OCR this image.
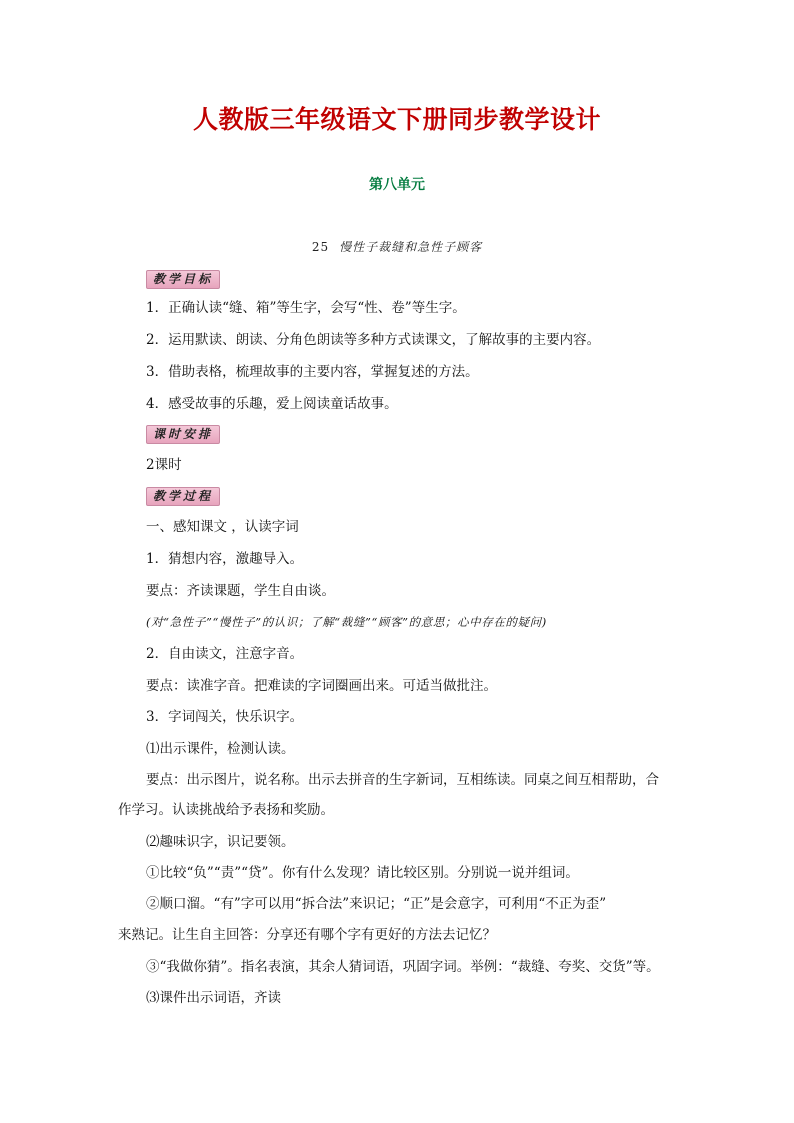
人教版三年级语文下册同步教学设计
第八单元
25 慢性子裁缝和急性子顾客
教学目标
1．正确认读“缝、箱”等生字，会写“性、卷”等生字。
2．运用默读、朗读、分角色朗读等多种方式读课文，了解故事的主要内容。
3．借助表格，梳理故事的主要内容，掌握复述的方法。
4．感受故事的乐趣，爱上阅读童话故事。
课时安排
2课时
教学过程
一、感知课文 ，认读字词
1．猜想内容，激趣导入。
要点：齐读课题，学生自由谈。
(对“急性子”“慢性子”的认识；了解“裁缝”“顾客”的意思；心中存在的疑问)
2．自由读文，注意字音。
要点：读准字音。把难读的字词圈画出来。可适当做批注。
3．字词闯关，快乐识字。
⑴出示课件，检测认读。
要点：出示图片，说名称。出示去拼音的生字新词，互相练读。同桌之间互相帮助，合
作学习。认读挑战给予表扬和奖励。
⑵趣味识字，识记要领。
①比较“负”“责”“贷”。你有什么发现？请比较区别。分别说一说并组词。
②顺口溜。“有”字可以用“拆合法”来识记；“正”是会意字，可利用“不正为歪”
来熟记。让生自主回答：分享还有哪个字有更好的方法去记忆？
③“我做你猜”。指名表演，其余人猜词语，巩固字词。举例：“裁缝、夸奖、交货”等。
⑶课件出示词语，齐读
